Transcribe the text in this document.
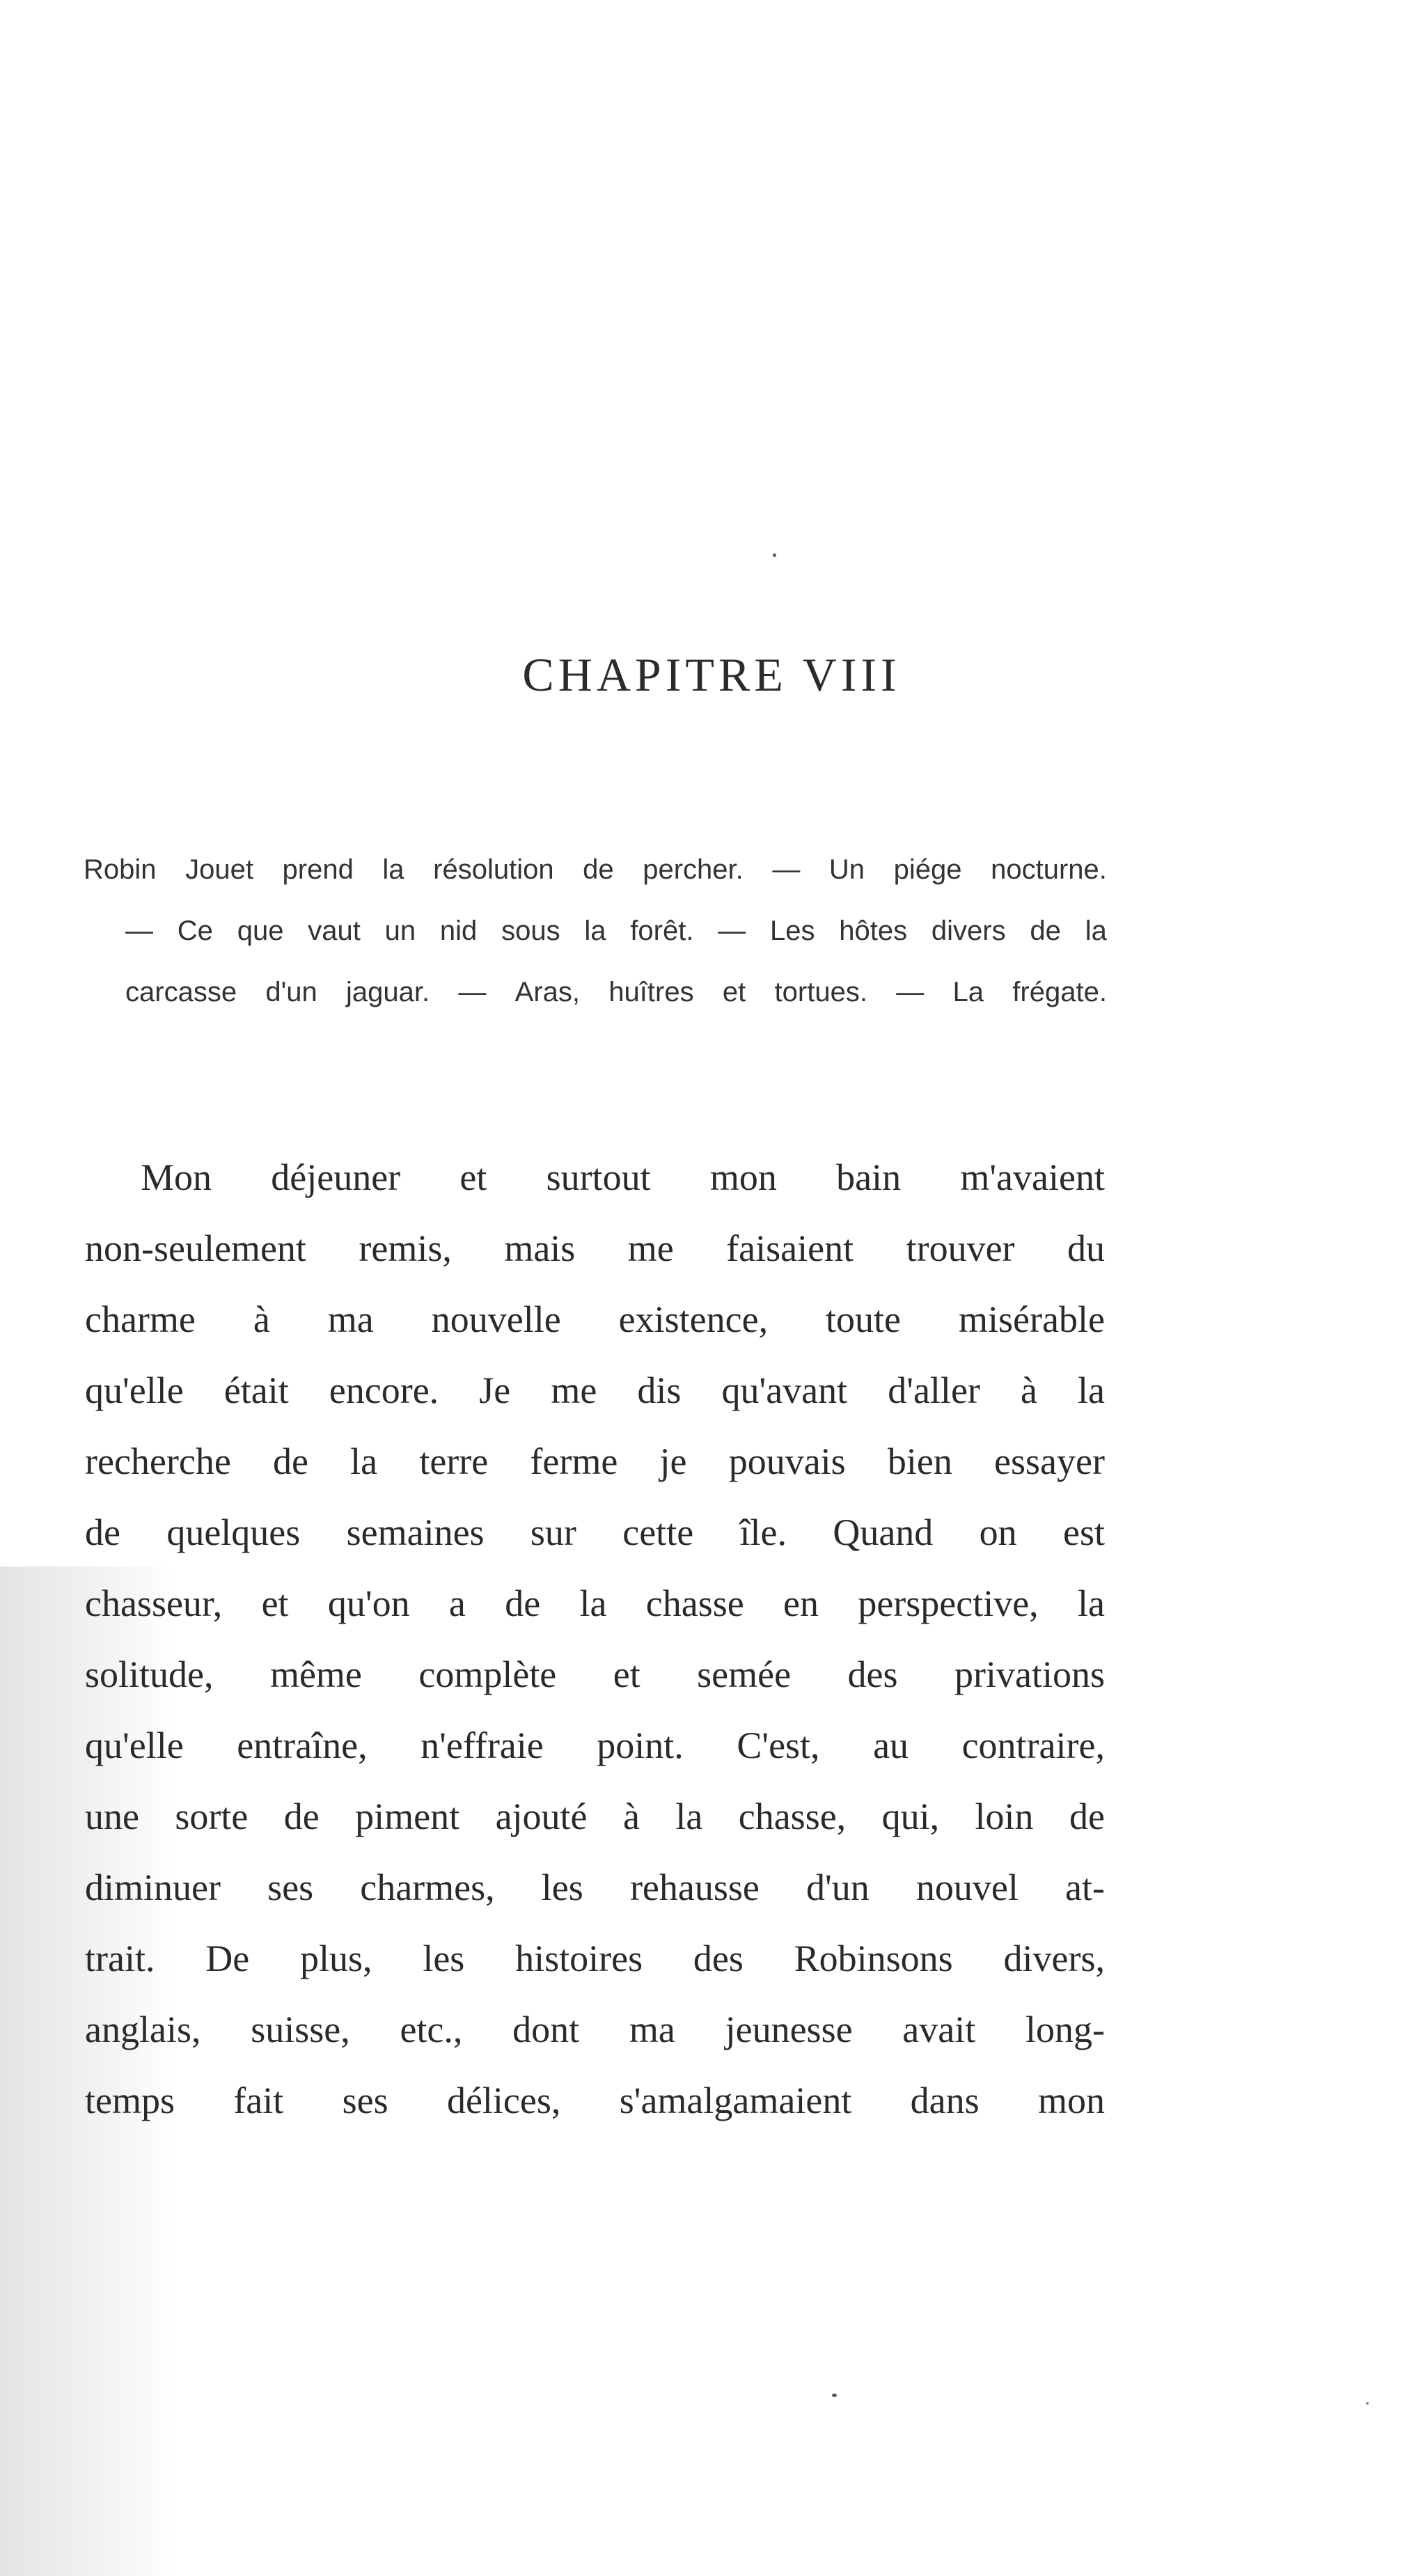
CHAPITRE VIII
Robin Jouet prend la résolution de percher. — Un piége nocturne.
— Ce que vaut un nid sous la forêt. — Les hôtes divers de la
carcasse d'un jaguar. — Aras, huîtres et tortues. — La frégate.
Mon déjeuner et surtout mon bain m'avaient
non-seulement remis, mais me faisaient trouver du
charme à ma nouvelle existence, toute misérable
qu'elle était encore. Je me dis qu'avant d'aller à la
recherche de la terre ferme je pouvais bien essayer
de quelques semaines sur cette île. Quand on est
chasseur, et qu'on a de la chasse en perspective, la
solitude, même complète et semée des privations
qu'elle entraîne, n'effraie point. C'est, au contraire,
une sorte de piment ajouté à la chasse, qui, loin de
diminuer ses charmes, les rehausse d'un nouvel at-
trait. De plus, les histoires des Robinsons divers,
anglais, suisse, etc., dont ma jeunesse avait long-
temps fait ses délices, s'amalgamaient dans mon
